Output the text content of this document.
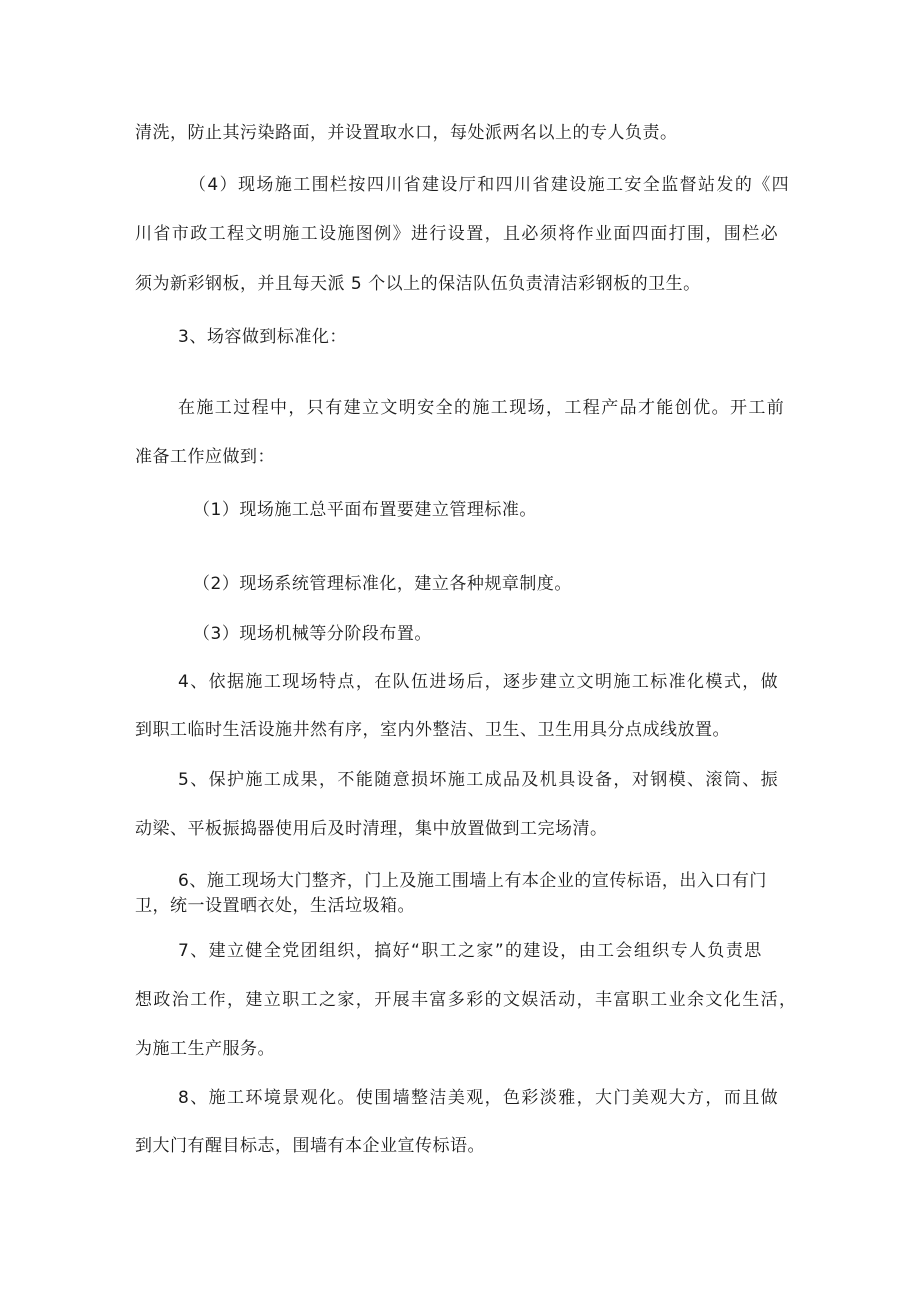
清洗，防止其污染路面，并设置取水口，每处派两名以上的专人负责。
（4）现场施工围栏按四川省建设厅和四川省建设施工安全监督站发的《四
川省市政工程文明施工设施图例》进行设置，且必须将作业面四面打围，围栏必
须为新彩钢板，并且每天派 5 个以上的保洁队伍负责清洁彩钢板的卫生。
3、场容做到标准化：
在施工过程中，只有建立文明安全的施工现场，工程产品才能创优。开工前
准备工作应做到：
（1）现场施工总平面布置要建立管理标准。
（2）现场系统管理标准化，建立各种规章制度。
（3）现场机械等分阶段布置。
4、依据施工现场特点，在队伍进场后，逐步建立文明施工标准化模式，做
到职工临时生活设施井然有序，室内外整洁、卫生、卫生用具分点成线放置。
5、保护施工成果，不能随意损坏施工成品及机具设备，对钢模、滚筒、振
动梁、平板振捣器使用后及时清理，集中放置做到工完场清。
6、施工现场大门整齐，门上及施工围墙上有本企业的宣传标语，出入口有门
卫，统一设置晒衣处，生活垃圾箱。
7、建立健全党团组织，搞好“职工之家”的建设，由工会组织专人负责思
想政治工作，建立职工之家，开展丰富多彩的文娱活动，丰富职工业余文化生活，
为施工生产服务。
8、施工环境景观化。使围墙整洁美观，色彩淡雅，大门美观大方，而且做
到大门有醒目标志，围墙有本企业宣传标语。
